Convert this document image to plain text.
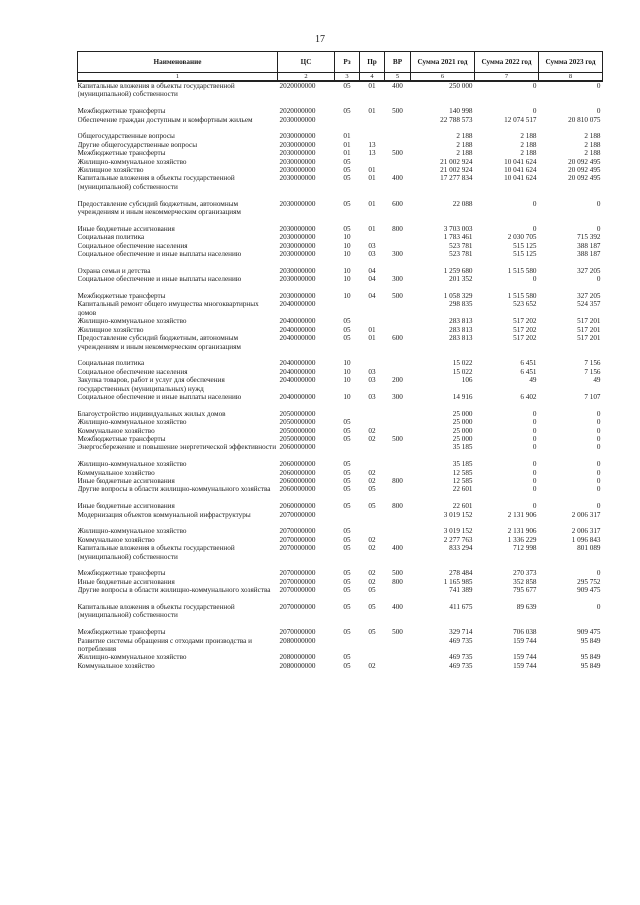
17
Наименование	ЦС	Рз	Пр	ВР	Сумма 2021 год	Сумма 2022 год	Сумма 2023 год
1	2	3	4	5	6	7	8
Капитальные вложения в объекты государственной (муниципальной) собственности	2020000000	05	01	400	250 000	0	0

Межбюджетные трансферты	2020000000	05	01	500	140 998	0	0
Обеспечение граждан доступным и комфортным жильем	2030000000				22 788 573	12 074 517	20 810 075
Общегосударственные вопросы	2030000000	01			2 188	2 188	2 188
Другие общегосударственные вопросы	2030000000	01	13		2 188	2 188	2 188
Межбюджетные трансферты	2030000000	01	13	500	2 188	2 188	2 188
Жилищно-коммунальное хозяйство	2030000000	05			21 002 924	10 041 624	20 092 495
Жилищное хозяйство	2030000000	05	01		21 002 924	10 041 624	20 092 495
Капитальные вложения в объекты государственной (муниципальной) собственности	2030000000	05	01	400	17 277 834	10 041 624	20 092 495

Предоставление субсидий бюджетным, автономным учреждениям и иным некоммерческим организациям	2030000000	05	01	600	22 088	0	0

Иные бюджетные ассигнования	2030000000	05	01	800	3 703 003	0	0
Социальная политика	2030000000	10			1 783 461	2 030 705	715 392
Социальное обеспечение населения	2030000000	10	03		523 781	515 125	388 187
Социальное обеспечение и иные выплаты населению	2030000000	10	03	300	523 781	515 125	388 187

Охрана семьи и детства	2030000000	10	04		1 259 680	1 515 580	327 205
Социальное обеспечение и иные выплаты населению	2030000000	10	04	300	201 352	0	0

Межбюджетные трансферты	2030000000	10	04	500	1 058 329	1 515 580	327 205
Капитальный ремонт общего имущества многоквартирных домов	2040000000				298 835	523 652	524 357
Жилищно-коммунальное хозяйство	2040000000	05			283 813	517 202	517 201
Жилищное хозяйство	2040000000	05	01		283 813	517 202	517 201
Предоставление субсидий бюджетным, автономным учреждениям и иным некоммерческим организациям	2040000000	05	01	600	283 813	517 202	517 201

Социальная политика	2040000000	10			15 022	6 451	7 156
Социальное обеспечение населения	2040000000	10	03		15 022	6 451	7 156
Закупка товаров, работ и услуг для обеспечения государственных (муниципальных) нужд	2040000000	10	03	200	106	49	49
Социальное обеспечение и иные выплаты населению	2040000000	10	03	300	14 916	6 402	7 107

Благоустройство индивидуальных жилых домов	2050000000				25 000	0	0
Жилищно-коммунальное хозяйство	2050000000	05			25 000	0	0
Коммунальное хозяйство	2050000000	05	02		25 000	0	0
Межбюджетные трансферты	2050000000	05	02	500	25 000	0	0
Энергосбережение и повышение энергетической эффективности	2060000000				35 185	0	0
Жилищно-коммунальное хозяйство	2060000000	05			35 185	0	0
Коммунальное хозяйство	2060000000	05	02		12 585	0	0
Иные бюджетные ассигнования	2060000000	05	02	800	12 585	0	0
Другие вопросы в области жилищно-коммунального хозяйства	2060000000	05	05		22 601	0	0
Иные бюджетные ассигнования	2060000000	05	05	800	22 601	0	0
Модернизация объектов коммунальной инфраструктуры	2070000000				3 019 152	2 131 906	2 006 317
Жилищно-коммунальное хозяйство	2070000000	05			3 019 152	2 131 906	2 006 317
Коммунальное хозяйство	2070000000	05	02		2 277 763	1 336 229	1 096 843
Капитальные вложения в объекты государственной (муниципальной) собственности	2070000000	05	02	400	833 294	712 998	801 089

Межбюджетные трансферты	2070000000	05	02	500	278 484	270 373	0
Иные бюджетные ассигнования	2070000000	05	02	800	1 165 985	352 858	295 752
Другие вопросы в области жилищно-коммунального хозяйства	2070000000	05	05		741 389	795 677	909 475
Капитальные вложения в объекты государственной (муниципальной) собственности	2070000000	05	05	400	411 675	89 639	0

Межбюджетные трансферты	2070000000	05	05	500	329 714	706 038	909 475
Развитие системы обращения с отходами производства и потребления	2080000000				469 735	159 744	95 849
Жилищно-коммунальное хозяйство	2080000000	05			469 735	159 744	95 849
Коммунальное хозяйство	2080000000	05	02		469 735	159 744	95 849
